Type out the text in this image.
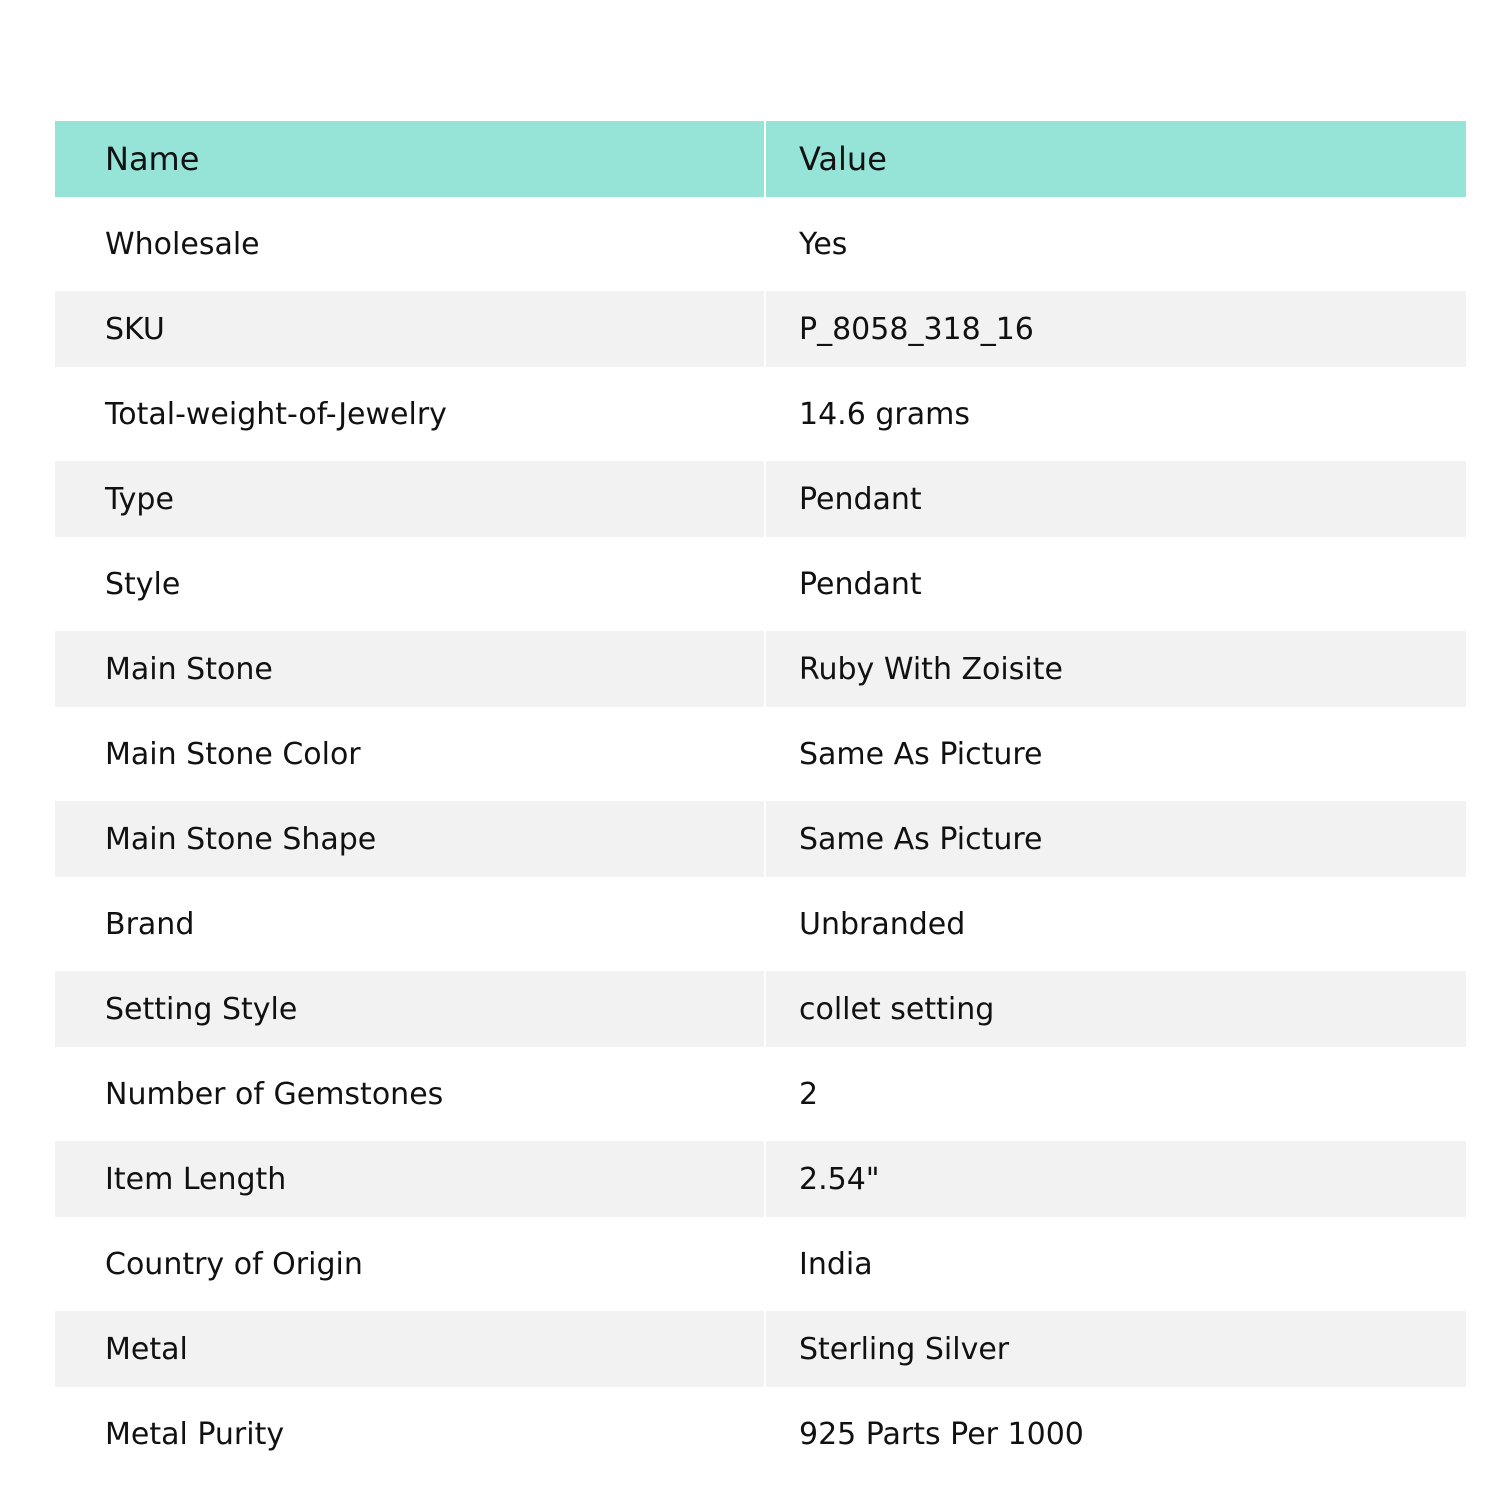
Name	Value
Wholesale	Yes
SKU	P_8058_318_16
Total-weight-of-Jewelry	14.6 grams
Type	Pendant
Style	Pendant
Main Stone	Ruby With Zoisite
Main Stone Color	Same As Picture
Main Stone Shape	Same As Picture
Brand	Unbranded
Setting Style	collet setting
Number of Gemstones	2
Item Length	2.54"
Country of Origin	India
Metal	Sterling Silver
Metal Purity	925 Parts Per 1000
